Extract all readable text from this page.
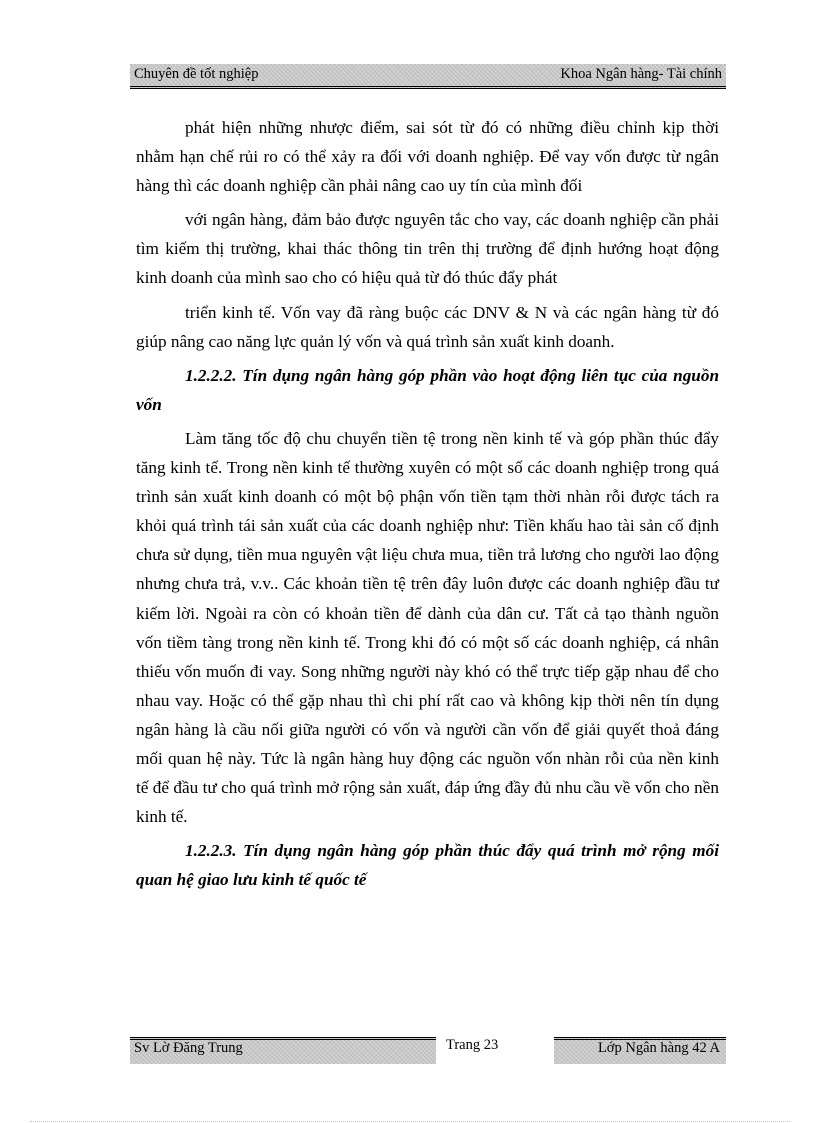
Chuyên đề tốt nghiệp	Khoa Ngân hàng- Tài chính

phát hiện những nhược điểm, sai sót từ đó có những điều chỉnh kịp thời nhằm hạn chế rủi ro có thể xảy ra đối với doanh nghiệp. Để vay vốn được từ ngân hàng thì các doanh nghiệp cần phải nâng cao uy tín của mình đối

với ngân hàng, đảm bảo được nguyên tắc cho vay, các doanh nghiệp cần phải tìm kiếm thị trường, khai thác thông tin trên thị trường để định hướng hoạt động kinh doanh của mình sao cho có hiệu quả từ đó thúc đẩy phát

triển kinh tế. Vốn vay đã ràng buộc các DNV & N và các ngân hàng từ đó giúp nâng cao năng lực quản lý vốn và quá trình sản xuất kinh doanh.

1.2.2.2. Tín dụng ngân hàng góp phần vào hoạt động liên tục của nguồn vốn

Làm tăng tốc độ chu chuyển tiền tệ trong nền kinh tế và góp phần thúc đẩy tăng kinh tế. Trong nền kinh tế thường xuyên có một số các doanh nghiệp trong quá trình sản xuất kinh doanh có một bộ phận vốn tiền tạm thời nhàn rỗi được tách ra khỏi quá trình tái sản xuất của các doanh nghiệp như: Tiền khấu hao tài sản cố định chưa sử dụng, tiền mua nguyên vật liệu chưa mua, tiền trả lương cho người lao động nhưng chưa trả, v.v.. Các khoản tiền tệ trên đây luôn được các doanh nghiệp đầu tư kiếm lời. Ngoài ra còn có khoản tiền để dành của dân cư. Tất cả tạo thành nguồn vốn tiềm tàng trong nền kinh tế. Trong khi đó có một số các doanh nghiệp, cá nhân thiếu vốn muốn đi vay. Song những người này khó có thể trực tiếp gặp nhau để cho nhau vay. Hoặc có thể gặp nhau thì chi phí rất cao và không kịp thời nên tín dụng ngân hàng là cầu nối giữa người có vốn và người cần vốn để giải quyết thoả đáng mối quan hệ này. Tức là ngân hàng huy động các nguồn vốn nhàn rỗi của nền kinh tế để đầu tư cho quá trình mở rộng sản xuất, đáp ứng đầy đủ nhu cầu về vốn cho nền kinh tế.

1.2.2.3. Tín dụng ngân hàng góp phần thúc đẩy quá trình mở rộng mối quan hệ giao lưu kinh tế quốc tế
Sv Lờ Đăng Trung	Trang 23	Lớp Ngân hàng 42 A
